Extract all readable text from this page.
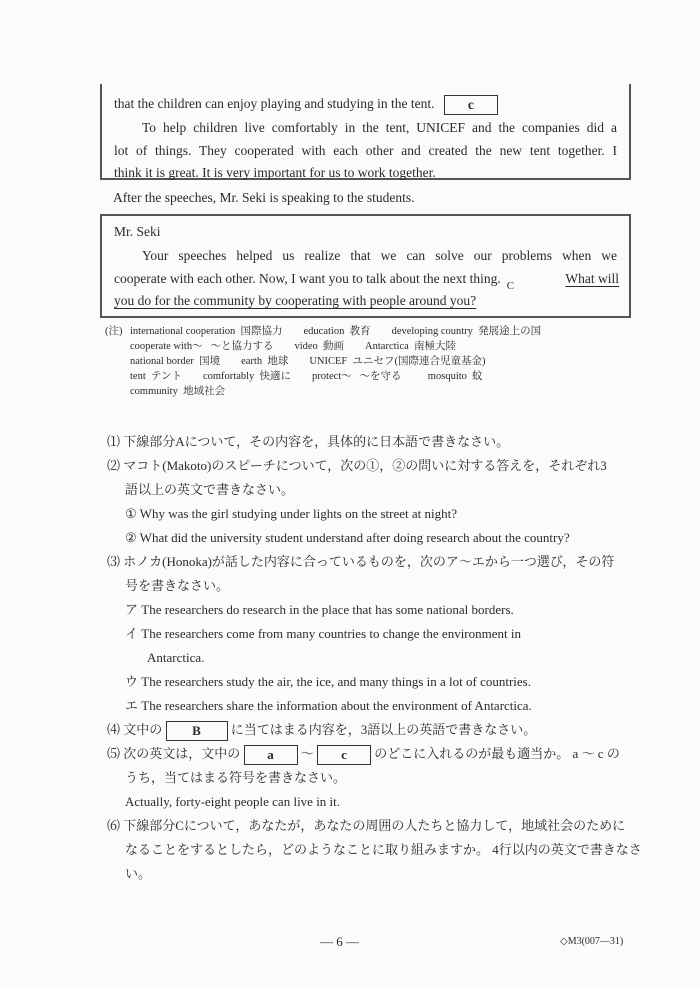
that the children can enjoy playing and studying in the tent. c
To help children live comfortably in the tent, UNICEF and the companies did a
lot of things. They cooperated with each other and created the new tent together. I
think it is great. It is very important for us to work together.
After the speeches, Mr. Seki is speaking to the students.
Mr. Seki
Your speeches helped us realize that we can solve our problems when we
cooperate with each other. Now, I want you to talk about the next thing. $_C$	What will
you do for the community by cooperating with people around you?
(注) international cooperation  国際協力        education  教育        developing country  発展途上の国
cooperate with～   ～と協力する        video  動画        Antarctica  南極大陸
national border  国境        earth  地球        UNICEF  ユニセフ(国際連合児童基金)
tent  テント        comfortably  快適に        protect～   ～を守る          mosquito  蚊
community  地域社会
⑴ 下線部分Aについて，その内容を，具体的に日本語で書きなさい。
⑵ マコト(Makoto)のスピーチについて，次の①，②の問いに対する答えを，それぞれ3
語以上の英文で書きなさい。
① Why was the girl studying under lights on the street at night?
② What did the university student understand after doing research about the country?
⑶ ホノカ(Honoka)が話した内容に合っているものを，次のア～エから一つ選び，その符
号を書きなさい。
ア The researchers do research in the place that has some national borders.
イ The researchers come from many countries to change the environment in
Antarctica.
ウ The researchers study the air, the ice, and many things in a lot of countries.
エ The researchers share the information about the environment of Antarctica.
⑷ 文中の B に当てはまる内容を，3語以上の英語で書きなさい。
⑸ 次の英文は，文中の a ～ c のどこに入れるのが最も適当か。 a ～ c の
うち，当てはまる符号を書きなさい。
Actually, forty-eight people can live in it.
⑹ 下線部分Cについて，あなたが，あなたの周囲の人たちと協力して，地域社会のために
なることをするとしたら，どのようなことに取り組みますか。 4行以内の英文で書きなさ
い。
― 6 ―	◇M3(007―31)
